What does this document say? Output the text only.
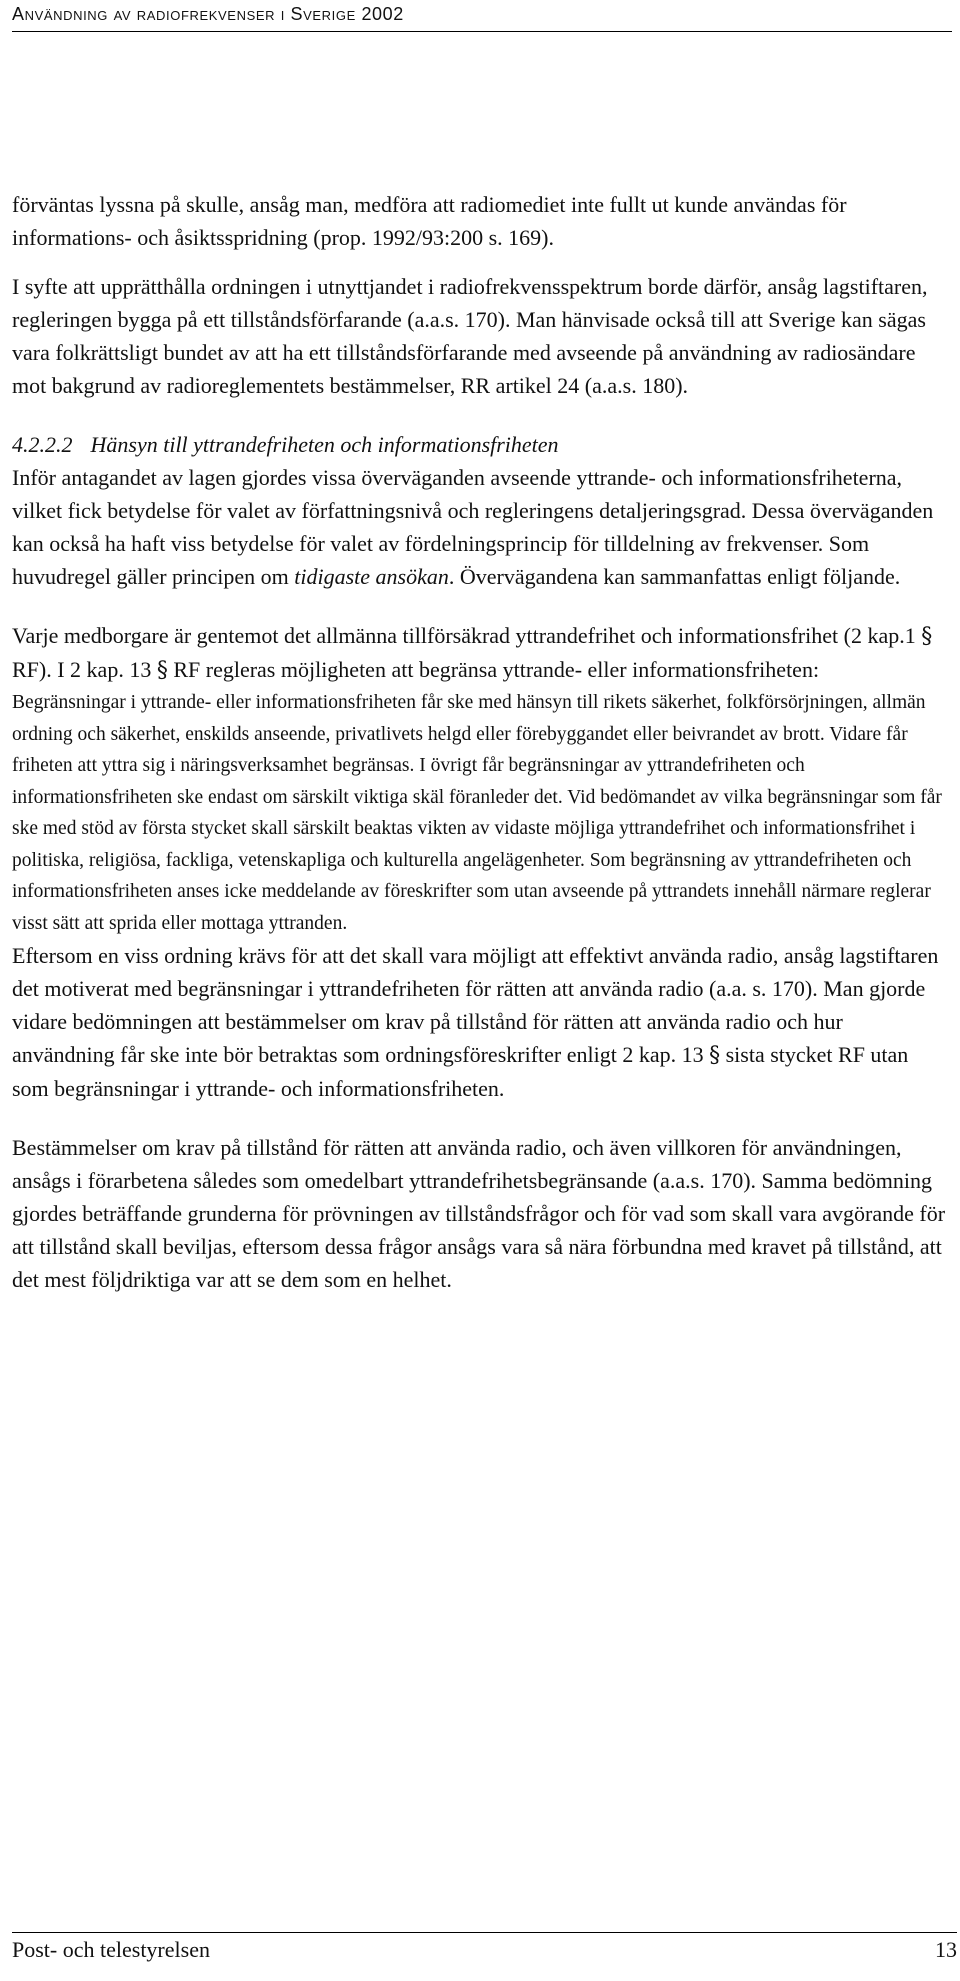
Användning av radiofrekvenser i Sverige 2002

förväntas lyssna på skulle, ansåg man, medföra att radiomediet inte fullt ut kunde användas för informations- och åsiktsspridning (prop. 1992/93:200 s. 169).

I syfte att upprätthålla ordningen i utnyttjandet i radiofrekvensspektrum borde därför, ansåg lagstiftaren, regleringen bygga på ett tillståndsförfarande (a.a.s. 170). Man hänvisade också till att Sverige kan sägas vara folkrättsligt bundet av att ha ett tillståndsförfarande med avseende på användning av radiosändare mot bakgrund av radioreglementets bestämmelser, RR artikel 24 (a.a.s. 180).

4.2.2.2 Hänsyn till yttrandefriheten och informationsfriheten

Inför antagandet av lagen gjordes vissa överväganden avseende yttrande- och informationsfriheterna, vilket fick betydelse för valet av författningsnivå och regleringens detaljeringsgrad. Dessa överväganden kan också ha haft viss betydelse för valet av fördelningsprincip för tilldelning av frekvenser. Som huvudregel gäller principen om tidigaste ansökan. Övervägandena kan sammanfattas enligt följande.

Varje medborgare är gentemot det allmänna tillförsäkrad yttrandefrihet och informationsfrihet (2 kap.1 § RF). I 2 kap. 13 § RF regleras möjligheten att begränsa yttrande- eller informationsfriheten:

Begränsningar i yttrande- eller informationsfriheten får ske med hänsyn till rikets säkerhet, folkförsörjningen, allmän ordning och säkerhet, enskilds anseende, privatlivets helgd eller förebyggandet eller beivrandet av brott. Vidare får friheten att yttra sig i näringsverksamhet begränsas. I övrigt får begränsningar av yttrandefriheten och informationsfriheten ske endast om särskilt viktiga skäl föranleder det. Vid bedömandet av vilka begränsningar som får ske med stöd av första stycket skall särskilt beaktas vikten av vidaste möjliga yttrandefrihet och informationsfrihet i politiska, religiösa, fackliga, vetenskapliga och kulturella angelägenheter. Som begränsning av yttrandefriheten och informationsfriheten anses icke meddelande av föreskrifter som utan avseende på yttrandets innehåll närmare reglerar visst sätt att sprida eller mottaga yttranden.

Eftersom en viss ordning krävs för att det skall vara möjligt att effektivt använda radio, ansåg lagstiftaren det motiverat med begränsningar i yttrandefriheten för rätten att använda radio (a.a. s. 170). Man gjorde vidare bedömningen att bestämmelser om krav på tillstånd för rätten att använda radio och hur användning får ske inte bör betraktas som ordningsföreskrifter enligt 2 kap. 13 § sista stycket RF utan som begränsningar i yttrande- och informationsfriheten.

Bestämmelser om krav på tillstånd för rätten att använda radio, och även villkoren för användningen, ansågs i förarbetena således som omedelbart yttrandefrihetsbegränsande (a.a.s. 170). Samma bedömning gjordes beträffande grunderna för prövningen av tillståndsfrågor och för vad som skall vara avgörande för att tillstånd skall beviljas, eftersom dessa frågor ansågs vara så nära förbundna med kravet på tillstånd, att det mest följdriktiga var att se dem som en helhet.

Post- och telestyrelsen	13
